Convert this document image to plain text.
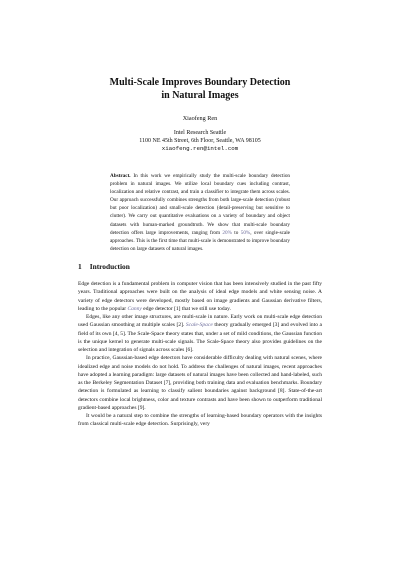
Multi-Scale Improves Boundary Detection
in Natural Images
Xiaofeng Ren
Intel Research Seattle
1100 NE 45th Street, 6th Floor, Seattle, WA 98105
xiaofeng.ren@intel.com
Abstract. In this work we empirically study the multi-scale boundary detection problem in natural images. We utilize local boundary cues including contrast, localization and relative contrast, and train a classifier to integrate them across scales. Our approach successfully combines strengths from both large-scale detection (robust but poor localization) and small-scale detection (detail-preserving but sensitive to clutter). We carry out quantitative evaluations on a variety of boundary and object datasets with human-marked groundtruth. We show that multi-scale boundary detection offers large improvements, ranging from 20% to 50%, over single-scale approaches. This is the first time that multi-scale is demonstrated to improve boundary detection on large datasets of natural images.
1 Introduction

Edge detection is a fundamental problem in computer vision that has been intensively studied in the past fifty years. Traditional approaches were built on the analysis of ideal edge models and white sensing noise. A variety of edge detectors were developed, mostly based on image gradients and Gaussian derivative filters, leading to the popular Canny edge detector [1] that we still use today.

Edges, like any other image structures, are multi-scale in nature. Early work on multi-scale edge detection used Gaussian smoothing at multiple scales [2]. Scale-Space theory gradually emerged [3] and evolved into a field of its own [4, 5]. The Scale-Space theory states that, under a set of mild conditions, the Gaussian function is the unique kernel to generate multi-scale signals. The Scale-Space theory also provides guidelines on the selection and integration of signals across scales [6].

In practice, Gaussian-based edge detectors have considerable difficulty dealing with natural scenes, where idealized edge and noise models do not hold. To address the challenges of natural images, recent approaches have adopted a learning paradigm: large datasets of natural images have been collected and hand-labeled, such as the Berkeley Segmentation Dataset [7], providing both training data and evaluation benchmarks. Boundary detection is formulated as learning to classify salient boundaries against background [8]. State-of-the-art detectors combine local brightness, color and texture contrasts and have been shown to outperform traditional gradient-based approaches [9].

It would be a natural step to combine the strengths of learning-based boundary operators with the insights from classical multi-scale edge detection. Surprisingly, very
